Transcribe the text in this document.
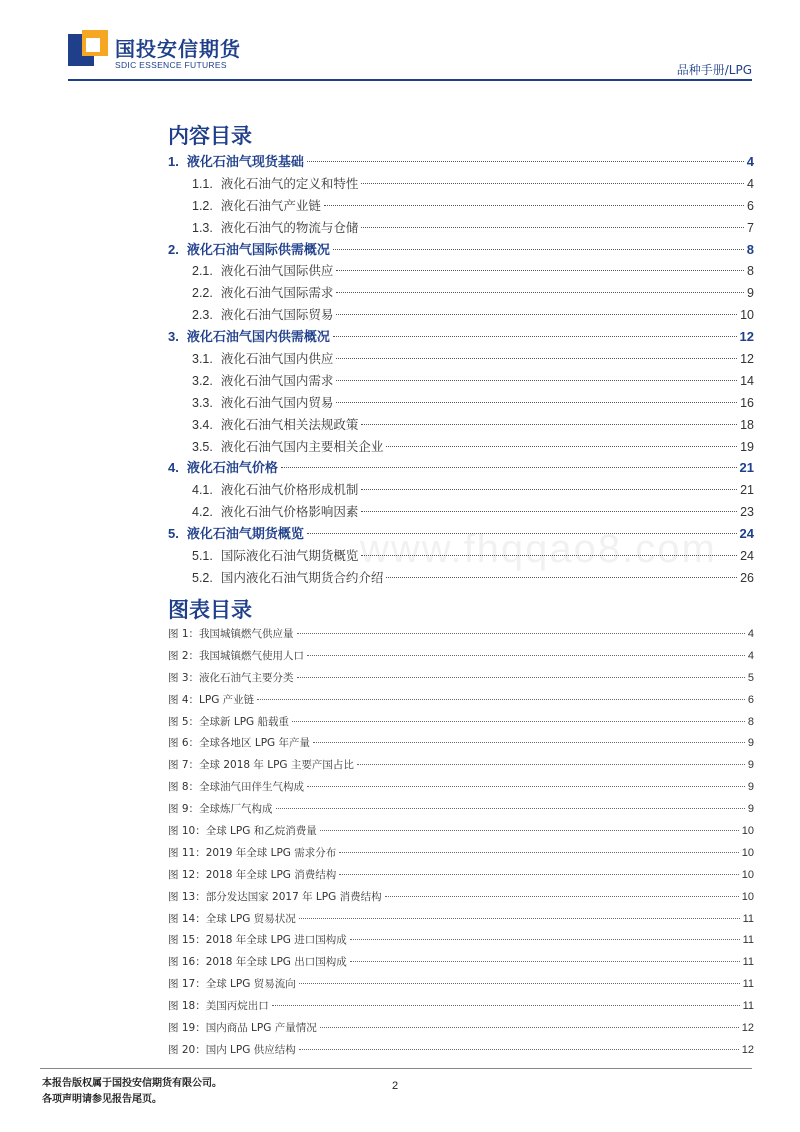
国投安信期货
SDIC ESSENCE FUTURES	品种手册/LPG
www.fhqqao8.com
内容目录
1. 液化石油气现货基础	4
1.1. 液化石油气的定义和特性	4
1.2. 液化石油气产业链	6
1.3. 液化石油气的物流与仓储	7
2. 液化石油气国际供需概况	8
2.1. 液化石油气国际供应	8
2.2. 液化石油气国际需求	9
2.3. 液化石油气国际贸易	10
3. 液化石油气国内供需概况	12
3.1. 液化石油气国内供应	12
3.2. 液化石油气国内需求	14
3.3. 液化石油气国内贸易	16
3.4. 液化石油气相关法规政策	18
3.5. 液化石油气国内主要相关企业	19
4. 液化石油气价格	21
4.1. 液化石油气价格形成机制	21
4.2. 液化石油气价格影响因素	23
5. 液化石油气期货概览	24
5.1. 国际液化石油气期货概览	24
5.2. 国内液化石油气期货合约介绍	26
图表目录
图 1：我国城镇燃气供应量	4
图 2：我国城镇燃气使用人口	4
图 3：液化石油气主要分类	5
图 4：LPG 产业链	6
图 5：全球新 LPG 船载重	8
图 6：全球各地区 LPG 年产量	9
图 7：全球 2018 年 LPG 主要产国占比	9
图 8：全球油气田伴生气构成	9
图 9：全球炼厂气构成	9
图 10：全球 LPG 和乙烷消费量	10
图 11：2019 年全球 LPG 需求分布	10
图 12：2018 年全球 LPG 消费结构	10
图 13：部分发达国家 2017 年 LPG 消费结构	10
图 14：全球 LPG 贸易状况	11
图 15：2018 年全球 LPG 进口国构成	11
图 16：2018 年全球 LPG 出口国构成	11
图 17：全球 LPG 贸易流向	11
图 18：美国丙烷出口	11
图 19：国内商品 LPG 产量情况	12
图 20：国内 LPG 供应结构	12
本报告版权属于国投安信期货有限公司。
各项声明请参见报告尾页。
2
